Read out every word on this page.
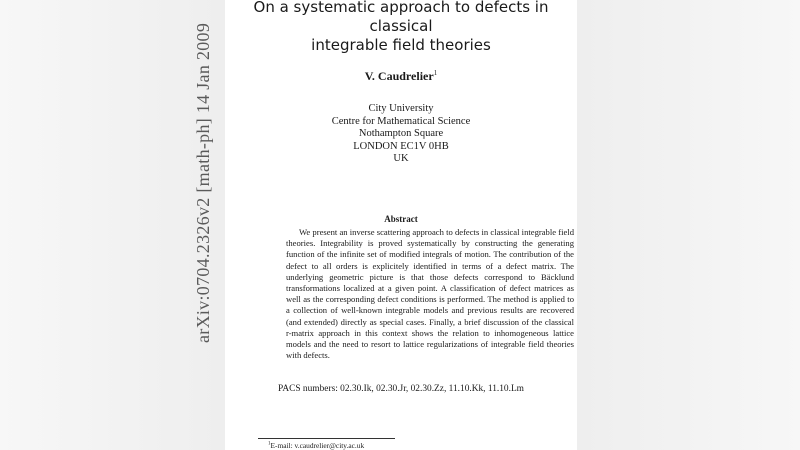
arXiv:0704.2326v2 [math-ph] 14 Jan 2009
On a systematic approach to defects in classical
integrable field theories
V. Caudrelier$^1$
City University
Centre for Mathematical Science
Nothampton Square
LONDON EC1V 0HB
UK
Abstract
We present an inverse scattering approach to defects in classical integrable field theories. Integrability is proved systematically by constructing the generating function of the infinite set of modified integrals of motion. The contribution of the defect to all orders is explicitely identified in terms of a defect matrix. The underlying geometric picture is that those defects correspond to Bäcklund transformations localized at a given point. A classification of defect matrices as well as the corresponding defect conditions is performed. The method is applied to a collection of well-known integrable models and previous results are recovered (and extended) directly as special cases. Finally, a brief discussion of the classical r-matrix approach in this context shows the relation to inhomogeneous lattice models and the need to resort to lattice regularizations of integrable field theories with defects.
PACS numbers: 02.30.Ik, 02.30.Jr, 02.30.Zz, 11.10.Kk, 11.10.Lm
$^1$E-mail: v.caudrelier@city.ac.uk
